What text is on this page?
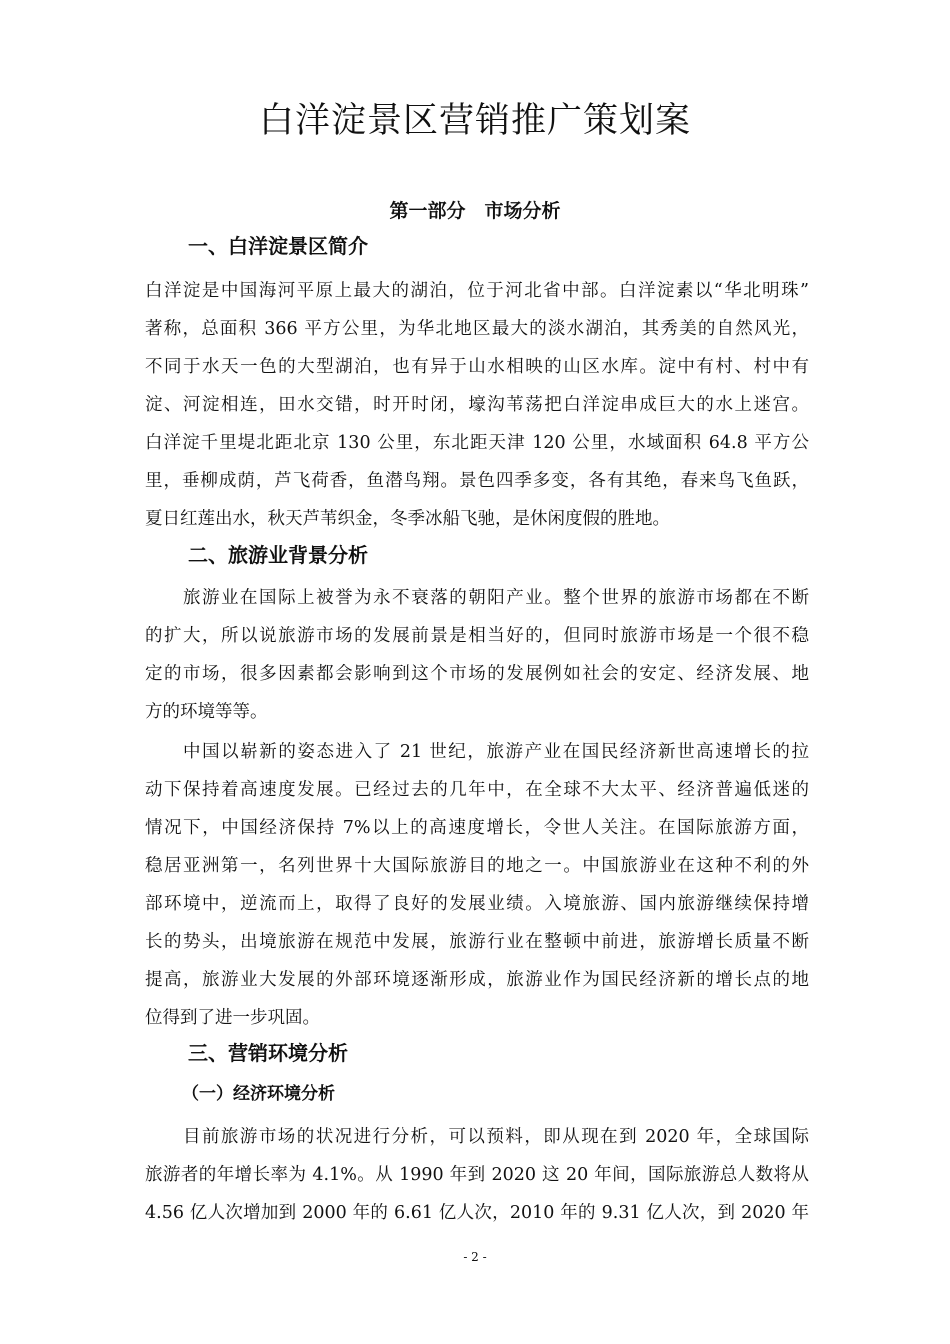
白洋淀景区营销推广策划案
第一部分　市场分析
一、白洋淀景区简介
白洋淀是中国海河平原上最大的湖泊，位于河北省中部。白洋淀素以“华北明珠”
著称，总面积 366 平方公里，为华北地区最大的淡水湖泊，其秀美的自然风光，
不同于水天一色的大型湖泊，也有异于山水相映的山区水库。淀中有村、村中有
淀、河淀相连，田水交错，时开时闭，壕沟苇荡把白洋淀串成巨大的水上迷宫。
白洋淀千里堤北距北京 130 公里，东北距天津 120 公里，水域面积 64.8 平方公
里，垂柳成荫，芦飞荷香，鱼潜鸟翔。景色四季多变，各有其绝，春来鸟飞鱼跃，
夏日红莲出水，秋天芦苇织金，冬季冰船飞驰，是休闲度假的胜地。
二、旅游业背景分析
旅游业在国际上被誉为永不衰落的朝阳产业。整个世界的旅游市场都在不断
的扩大，所以说旅游市场的发展前景是相当好的，但同时旅游市场是一个很不稳
定的市场，很多因素都会影响到这个市场的发展例如社会的安定、经济发展、地
方的环境等等。
中国以崭新的姿态进入了 21 世纪，旅游产业在国民经济新世高速增长的拉
动下保持着高速度发展。已经过去的几年中，在全球不大太平、经济普遍低迷的
情况下，中国经济保持 7%以上的高速度增长，令世人关注。在国际旅游方面，
稳居亚洲第一，名列世界十大国际旅游目的地之一。中国旅游业在这种不利的外
部环境中，逆流而上，取得了良好的发展业绩。入境旅游、国内旅游继续保持增
长的势头，出境旅游在规范中发展，旅游行业在整顿中前进，旅游增长质量不断
提高，旅游业大发展的外部环境逐渐形成，旅游业作为国民经济新的增长点的地
位得到了进一步巩固。
三、营销环境分析
（一）经济环境分析
目前旅游市场的状况进行分析，可以预料，即从现在到 2020 年，全球国际
旅游者的年增长率为 4.1%。从 1990 年到 2020 这 20 年间，国际旅游总人数将从
4.56 亿人次增加到 2000 年的 6.61 亿人次，2010 年的 9.31 亿人次，到 2020 年

- 2 -
